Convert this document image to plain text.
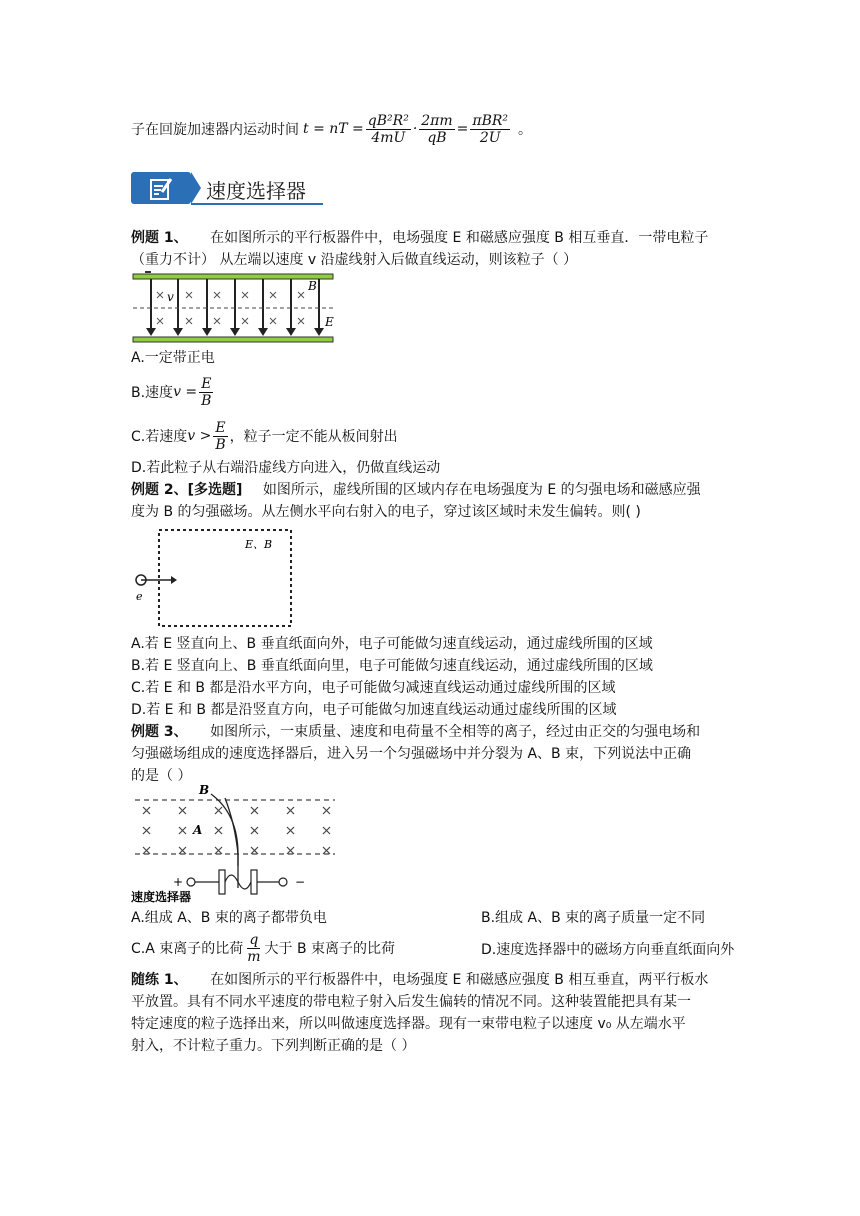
子在回旋加速器内运动时间 t = nT = $\frac{\text{qB²R²}}{4mU} \cdot \frac{2\pi m}{qB} = \frac{\text{πBR²}}{2U}$ 。
速度选择器
例题 1、 在如图所示的平行板器件中，电场强度 E 和磁感应强度 B 相互垂直．一带电粒子
（重力不计） 从左端以速度 v 沿虚线射入后做直线运动，则该粒子（ ）
v
B
E
A.一定带正电
B.速度 $v = \frac{E}{B}$
C.若速度 $v > \frac{E}{B}$ ，粒子一定不能从板间射出
D.若此粒子从右端沿虚线方向进入，仍做直线运动
例题 2、[多选题] 如图所示，虚线所围的区域内存在电场强度为 E 的匀强电场和磁感应强
度为 B 的匀强磁场。从左侧水平向右射入的电子，穿过该区域时未发生偏转。则( )
E、B
e
A.若 E 竖直向上、B 垂直纸面向外，电子可能做匀速直线运动，通过虚线所围的区域
B.若 E 竖直向上、B 垂直纸面向里，电子可能做匀速直线运动，通过虚线所围的区域
C.若 E 和 B 都是沿水平方向，电子可能做匀减速直线运动通过虚线所围的区域
D.若 E 和 B 都是沿竖直方向，电子可能做匀加速直线运动通过虚线所围的区域
例题 3、 如图所示，一束质量、速度和电荷量不全相等的离子，经过由正交的匀强电场和
匀强磁场组成的速度选择器后，进入另一个匀强磁场中并分裂为 A、B 束，下列说法中正确
的是（ ）
B
A
+	−
速度选择器
A.组成 A、B 束的离子都带负电	B.组成 A、B 束的离子质量一定不同
C.A 束离子的比荷 $\frac{q}{m}$ 大于 B 束离子的比荷	D.速度选择器中的磁场方向垂直纸面向外
随练 1、 在如图所示的平行板器件中，电场强度 E 和磁感应强度 B 相互垂直，两平行板水
平放置。具有不同水平速度的带电粒子射入后发生偏转的情况不同。这种装置能把具有某一
特定速度的粒子选择出来，所以叫做速度选择器。现有一束带电粒子以速度 v₀ 从左端水平
射入，不计粒子重力。下列判断正确的是（ ）
